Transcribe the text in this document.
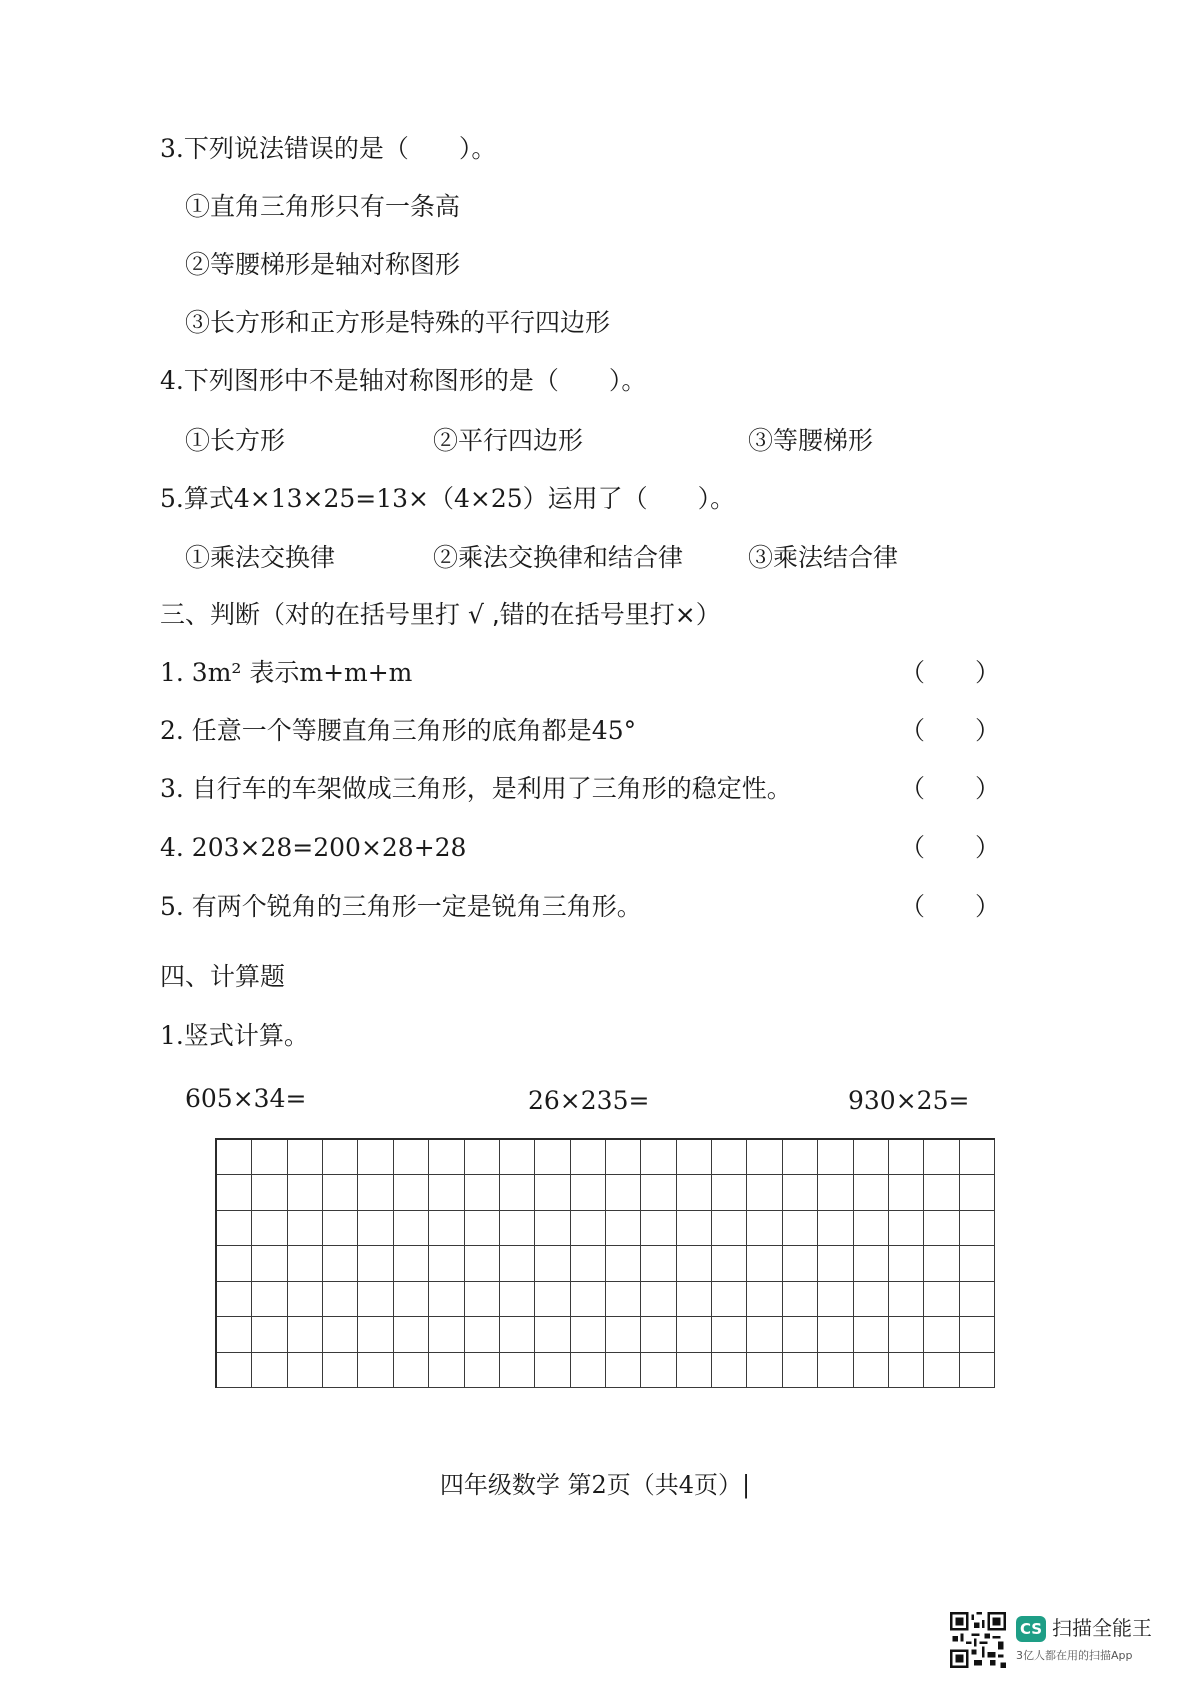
3.下列说法错误的是（　　）。
①直角三角形只有一条高
②等腰梯形是轴对称图形
③长方形和正方形是特殊的平行四边形
4.下列图形中不是轴对称图形的是（　　）。
①长方形	②平行四边形	③等腰梯形
5.算式4×13×25=13×（4×25）运用了（　　）。
①乘法交换律	②乘法交换律和结合律	③乘法结合律
三、判断（对的在括号里打 √ ,错的在括号里打×）
1. 3m² 表示m+m+m	（　　）
2. 任意一个等腰直角三角形的底角都是45°	（　　）
3. 自行车的车架做成三角形，是利用了三角形的稳定性。	（　　）
4. 203×28=200×28+28	（　　）
5. 有两个锐角的三角形一定是锐角三角形。	（　　）
四、计算题
1.竖式计算。
605×34=	26×235=	930×25=
四年级数学 第2页（共4页）|
CS 扫描全能王
3亿人都在用的扫描App
